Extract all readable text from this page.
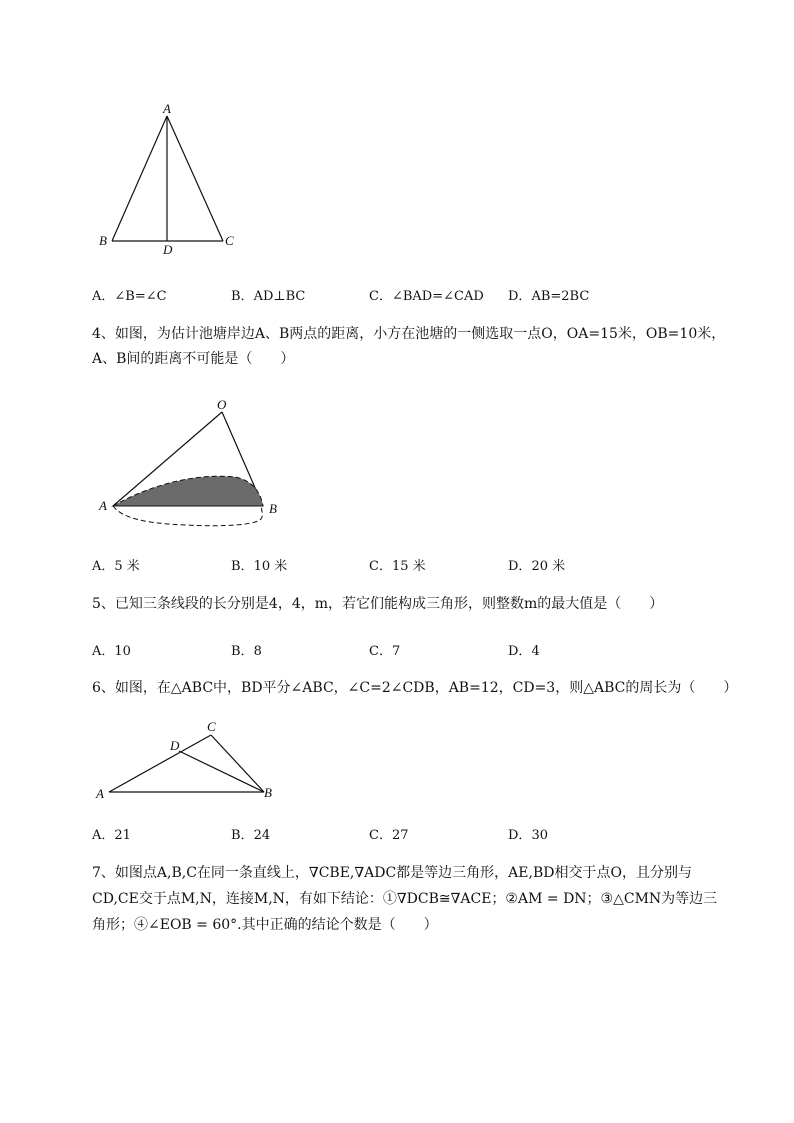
A
B	C
D
A．∠B=∠C	B．AD⊥BC	C．∠BAD=∠CAD D．AB=2BC
4、如图，为估计池塘岸边A、B两点的距离，小方在池塘的一侧选取一点O，OA=15米，OB=10米，
A、B间的距离不可能是（　　）
O
A	B
A．5 米	B．10 米	C．15 米	D．20 米
5、已知三条线段的长分别是4，4，m，若它们能构成三角形，则整数m的最大值是（　　）
A．10	B．8	C．7	D．4
6、如图，在△ABC中，BD平分∠ABC，∠C=2∠CDB，AB=12，CD=3，则△ABC的周长为（　　）
C
D
A	B
A．21	B．24	C．27	D．30
7、如图点A,B,C在同一条直线上，∇CBE,∇ADC都是等边三角形，AE,BD相交于点O，且分别与
CD,CE交于点M,N，连接M,N，有如下结论：①∇DCB≅∇ACE；②AM = DN；③△CMN为等边三
角形；④∠EOB = 60°.其中正确的结论个数是（　　）
